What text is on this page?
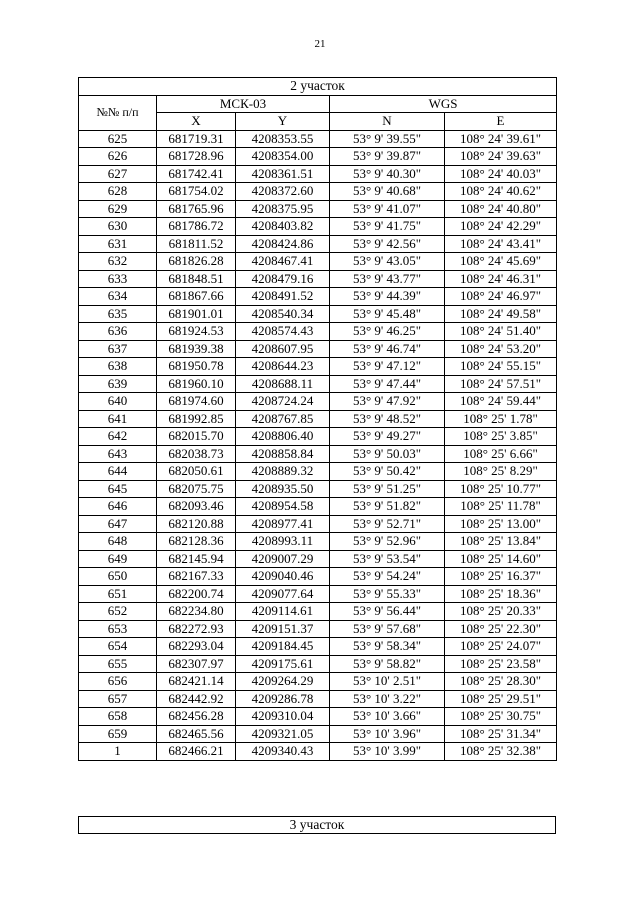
21
2 участок				
№№ п/п	МСК-03		WGS	
	X	Y	N	E
625	681719.31	4208353.55	53° 9' 39.55"	108° 24' 39.61"
626	681728.96	4208354.00	53° 9' 39.87"	108° 24' 39.63"
627	681742.41	4208361.51	53° 9' 40.30"	108° 24' 40.03"
628	681754.02	4208372.60	53° 9' 40.68"	108° 24' 40.62"
629	681765.96	4208375.95	53° 9' 41.07"	108° 24' 40.80"
630	681786.72	4208403.82	53° 9' 41.75"	108° 24' 42.29"
631	681811.52	4208424.86	53° 9' 42.56"	108° 24' 43.41"
632	681826.28	4208467.41	53° 9' 43.05"	108° 24' 45.69"
633	681848.51	4208479.16	53° 9' 43.77"	108° 24' 46.31"
634	681867.66	4208491.52	53° 9' 44.39"	108° 24' 46.97"
635	681901.01	4208540.34	53° 9' 45.48"	108° 24' 49.58"
636	681924.53	4208574.43	53° 9' 46.25"	108° 24' 51.40"
637	681939.38	4208607.95	53° 9' 46.74"	108° 24' 53.20"
638	681950.78	4208644.23	53° 9' 47.12"	108° 24' 55.15"
639	681960.10	4208688.11	53° 9' 47.44"	108° 24' 57.51"
640	681974.60	4208724.24	53° 9' 47.92"	108° 24' 59.44"
641	681992.85	4208767.85	53° 9' 48.52"	108° 25' 1.78"
642	682015.70	4208806.40	53° 9' 49.27"	108° 25' 3.85"
643	682038.73	4208858.84	53° 9' 50.03"	108° 25' 6.66"
644	682050.61	4208889.32	53° 9' 50.42"	108° 25' 8.29"
645	682075.75	4208935.50	53° 9' 51.25"	108° 25' 10.77"
646	682093.46	4208954.58	53° 9' 51.82"	108° 25' 11.78"
647	682120.88	4208977.41	53° 9' 52.71"	108° 25' 13.00"
648	682128.36	4208993.11	53° 9' 52.96"	108° 25' 13.84"
649	682145.94	4209007.29	53° 9' 53.54"	108° 25' 14.60"
650	682167.33	4209040.46	53° 9' 54.24"	108° 25' 16.37"
651	682200.74	4209077.64	53° 9' 55.33"	108° 25' 18.36"
652	682234.80	4209114.61	53° 9' 56.44"	108° 25' 20.33"
653	682272.93	4209151.37	53° 9' 57.68"	108° 25' 22.30"
654	682293.04	4209184.45	53° 9' 58.34"	108° 25' 24.07"
655	682307.97	4209175.61	53° 9' 58.82"	108° 25' 23.58"
656	682421.14	4209264.29	53° 10' 2.51"	108° 25' 28.30"
657	682442.92	4209286.78	53° 10' 3.22"	108° 25' 29.51"
658	682456.28	4209310.04	53° 10' 3.66"	108° 25' 30.75"
659	682465.56	4209321.05	53° 10' 3.96"	108° 25' 31.34"
1	682466.21	4209340.43	53° 10' 3.99"	108° 25' 32.38"
3 участок
